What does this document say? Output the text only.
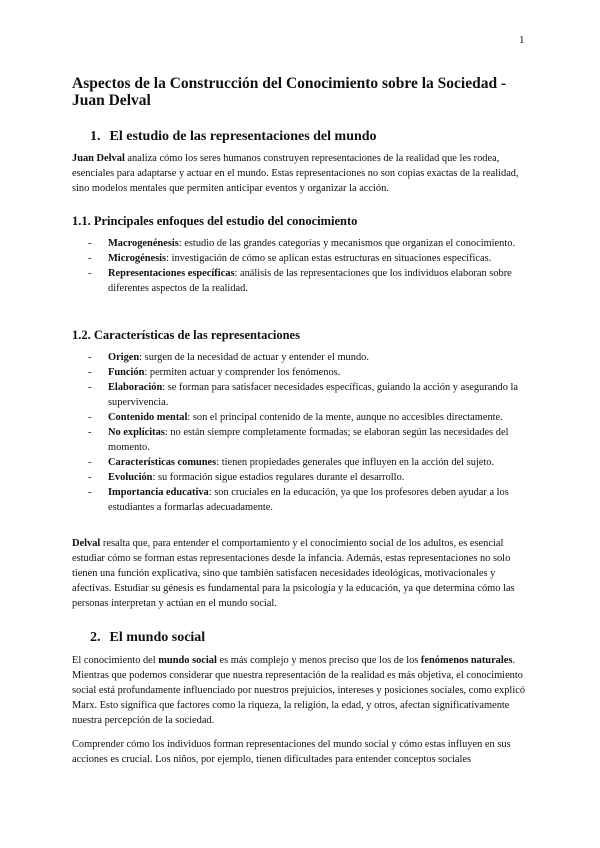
1
Aspectos de la Construcción del Conocimiento sobre la Sociedad - Juan Delval
1. El estudio de las representaciones del mundo
Juan Delval analiza cómo los seres humanos construyen representaciones de la realidad que les rodea, esenciales para adaptarse y actuar en el mundo. Estas representaciones no son copias exactas de la realidad, sino modelos mentales que permiten anticipar eventos y organizar la acción.
1.1. Principales enfoques del estudio del conocimiento
- Macrogenénesis: estudio de las grandes categorías y mecanismos que organizan el conocimiento.
- Microgénesis: investigación de cómo se aplican estas estructuras en situaciones específicas.
- Representaciones específicas: análisis de las representaciones que los individuos elaboran sobre diferentes aspectos de la realidad.
1.2. Características de las representaciones
- Origen: surgen de la necesidad de actuar y entender el mundo.
- Función: permiten actuar y comprender los fenómenos.
- Elaboración: se forman para satisfacer necesidades específicas, guiando la acción y asegurando la supervivencia.
- Contenido mental: son el principal contenido de la mente, aunque no accesibles directamente.
- No explícitas: no están siempre completamente formadas; se elaboran según las necesidades del momento.
- Características comunes: tienen propiedades generales que influyen en la acción del sujeto.
- Evolución: su formación sigue estadios regulares durante el desarrollo.
- Importancia educativa: son cruciales en la educación, ya que los profesores deben ayudar a los estudiantes a formarlas adecuadamente.
Delval resalta que, para entender el comportamiento y el conocimiento social de los adultos, es esencial estudiar cómo se forman estas representaciones desde la infancia. Además, estas representaciones no solo tienen una función explicativa, sino que también satisfacen necesidades ideológicas, motivacionales y afectivas. Estudiar su génesis es fundamental para la psicología y la educación, ya que determina cómo las personas interpretan y actúan en el mundo social.
2. El mundo social
El conocimiento del mundo social es más complejo y menos preciso que los de los fenómenos naturales. Mientras que podemos considerar que nuestra representación de la realidad es más objetiva, el conocimiento social está profundamente influenciado por nuestros prejuicios, intereses y posiciones sociales, como explicó Marx. Esto significa que factores como la riqueza, la religión, la edad, y otros, afectan significativamente nuestra percepción de la sociedad.
Comprender cómo los individuos forman representaciones del mundo social y cómo estas influyen en sus acciones es crucial. Los niños, por ejemplo, tienen dificultades para entender conceptos sociales
